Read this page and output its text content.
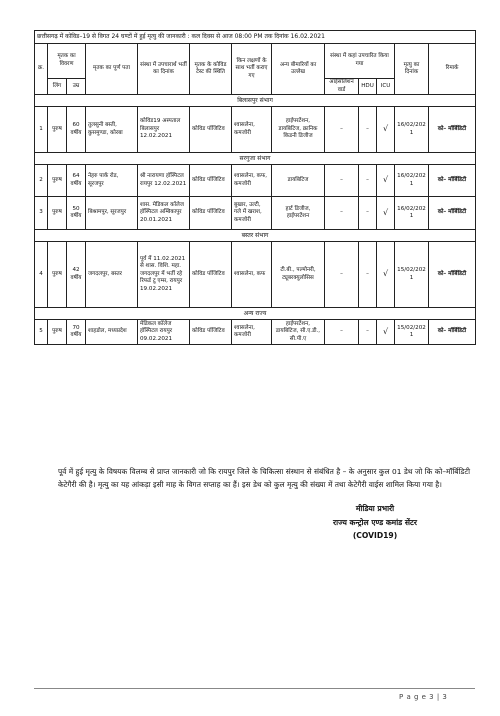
छत्तीसगढ़ में कोविड–19 से विगत 24 घण्टों में हुई मृत्यु की जानकारी : कल दिवस से आज 08:00 PM तक दिनांक 16.02.2021												
क्र.	मृतक का विवरण		मृतक का पूर्ण पता	संस्था में उपचारार्थ भर्ती का दिनांक	मृतक के कोविड टेस्ट की स्थिति	किन लक्षणों के साथ भर्ती कराए गए	अन्य बीमारियों का उल्लेख	संस्था में कहां उपचारित किया गया			मृत्यु का दिनांक	रिमार्क
	लिंग	उम्र						आईसोलेशन वार्ड	HDU	ICU		
बिलासपुर संभाग												
1	पुरुष	60 वर्षीय	तुलसुनी बस्ती, कुसमुण्डा, कोरबा	कोविड19 अस्पताल बिलासपुर 12.02.2021	कोविड पॉजिटिव	श्वासलेना, कमजोरी	हाईपरटेंशन, डायबिटिज, क्रानिक किडनी डिजीज	–	–	√	16/02/2021	को– मॉर्बिडिटी
सरगुजा संभाग												
2	पुरुष	64 वर्षीय	नेहरु पार्क रोड, सूरजपुर	श्री नारायणा हॉस्पिटल रायपुर 12.02.2021	कोविड पॉजिटिव	श्वासलेना, कफ, कमजोरी	डायबिटिज	–	–	√	16/02/2021	को– मॉर्बिडिटी
3	पुरुष	50 वर्षीय	बिश्रामपुर, सूरजपुर	शास. मेडिकल कॉलेज हॉस्पिटल अम्बिकापुर 20.01.2021	कोविड पॉजिटिव	बुखार, उल्टी, गले में खराश, कमजोरी	हार्ट डिजीज, हाईपरटेंशन	–	–	√	16/02/2021	को– मॉर्बिडिटी
बस्तर संभाग												
4	पुरुष	42 वर्षीय	जगदलपुर, बस्तर	पूर्व में 11.02.2021 से शास. विशि. महा. जगदलपुर में भर्ती रहे रिफर्ड टू एम्स, रायपुर 19.02.2021	कोविड पॉजिटिव	श्वासलेना, कफ	टी.बी., पल्मोनरी, ट्यूबरक्युलोसिस	–	–	√	15/02/2021	को– मॉर्बिडिटी
अन्य राज्य												
5	पुरुष	70 वर्षीय	शाहडोल, मध्यप्रदेश	मेडिकल कॉलेज हॉस्पिटल रायपुर 09.02.2021	कोविड पॉजिटिव	श्वासलेना, कमजोरी	हाईपरटेंशन, डायबिटिज, सी.ए.डी., सी.पी.ए	–	–	√	15/02/2021	को– मॉर्बिडिटी
पूर्व में हुई मृत्यु के विषयक विलम्ब से प्राप्त जानकारी जो कि रायपुर जिले के चिकित्सा संस्थान से संबंधित है – के अनुसार कुल 01 डेथ जो कि को–मॉर्बिडिटी केटेगैरी की है। मृत्यु का यह आंकड़ा इसी माह के विगत सप्ताह का हैं। इस डेथ को कुल मृत्यु की संख्या में तथा केटेगैरी वाईस शामिल किया गया है।
मीडिया प्रभारी
राज्य कन्ट्रोल एण्ड कमांड सेंटर
(COVID19)
P a g e 3 | 3
